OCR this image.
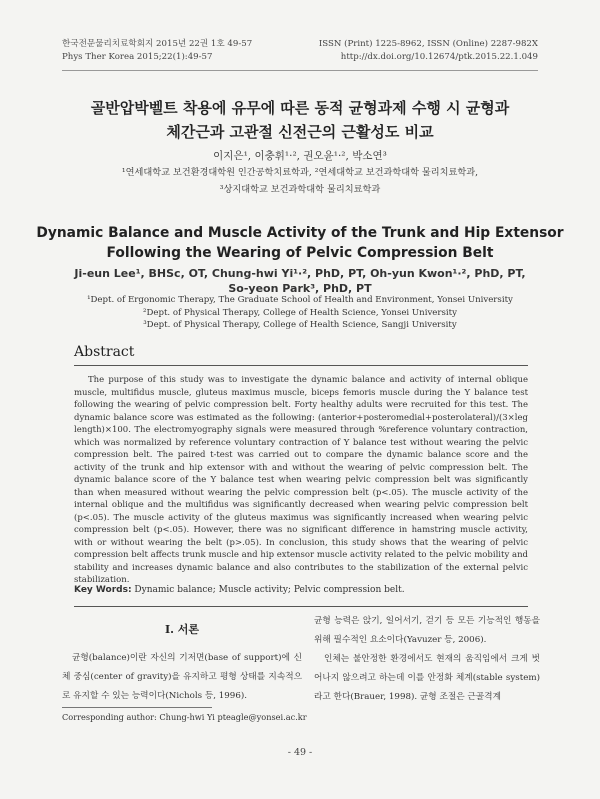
한국전문물리치료학회지 2015년 22권 1호 49-57
Phys Ther Korea 2015;22(1):49-57
ISSN (Print) 1225-8962, ISSN (Online) 2287-982X
http://dx.doi.org/10.12674/ptk.2015.22.1.049
골반압박벨트 착용에 유무에 따른 동적 균형과제 수행 시 균형과
체간근과 고관절 신전근의 근활성도 비교
이지은¹, 이충휘¹·², 권오윤¹·², 박소연³
¹연세대학교 보건환경대학원 인간공학치료학과, ²연세대학교 보건과학대학 물리치료학과,
³상지대학교 보건과학대학 물리치료학과
Dynamic Balance and Muscle Activity of the Trunk and Hip Extensor
Following the Wearing of Pelvic Compression Belt
Ji-eun Lee¹, BHSc, OT, Chung-hwi Yi¹·², PhD, PT, Oh-yun Kwon¹·², PhD, PT,
So-yeon Park³, PhD, PT
¹Dept. of Ergonomic Therapy, The Graduate School of Health and Environment, Yonsei University
²Dept. of Physical Therapy, College of Health Science, Yonsei University
³Dept. of Physical Therapy, College of Health Science, Sangji University
Abstract

The purpose of this study was to investigate the dynamic balance and activity of internal oblique muscle, multifidus muscle, gluteus maximus muscle, biceps femoris muscle during the Y balance test following the wearing of pelvic compression belt. Forty healthy adults were recruited for this test. The dynamic balance score was estimated as the following: (anterior+posteromedial+posterolateral)/(3×leg length)×100. The electromyography signals were measured through %reference voluntary contraction, which was normalized by reference voluntary contraction of Y balance test without wearing the pelvic compression belt. The paired t-test was carried out to compare the dynamic balance score and the activity of the trunk and hip extensor with and without the wearing of pelvic compression belt. The dynamic balance score of the Y balance test when wearing pelvic compression belt was significantly than when measured without wearing the pelvic compression belt (p<.05). The muscle activity of the internal oblique and the multifidus was significantly decreased when wearing pelvic compression belt (p<.05). The muscle activity of the gluteus maximus was significantly increased when wearing pelvic compression belt (p<.05). However, there was no significant difference in hamstring muscle activity, with or without wearing the belt (p>.05). In conclusion, this study shows that the wearing of pelvic compression belt affects trunk muscle and hip extensor muscle activity related to the pelvic mobility and stability and increases dynamic balance and also contributes to the stabilization of the external pelvic stabilization.

Key Words: Dynamic balance; Muscle activity; Pelvic compression belt.
Ⅰ. 서론

균형(balance)이란 자신의 기저면(base of support)에 신체 중심(center of gravity)을 유지하고 평형 상태를 지속적으로 유지할 수 있는 능력이다(Nichols 등, 1996).

균형 능력은 앉기, 일어서기, 걷기 등 모든 기능적인 행동을 위해 필수적인 요소이다(Yavuzer 등, 2006).

인체는 불안정한 환경에서도 현재의 움직임에서 크게 벗어나지 않으려고 하는데 이를 안정화 체계(stable system)라고 한다(Brauer, 1998). 균형 조절은 근골격계

Corresponding author: Chung-hwi Yi pteagle@yonsei.ac.kr
- 49 -
